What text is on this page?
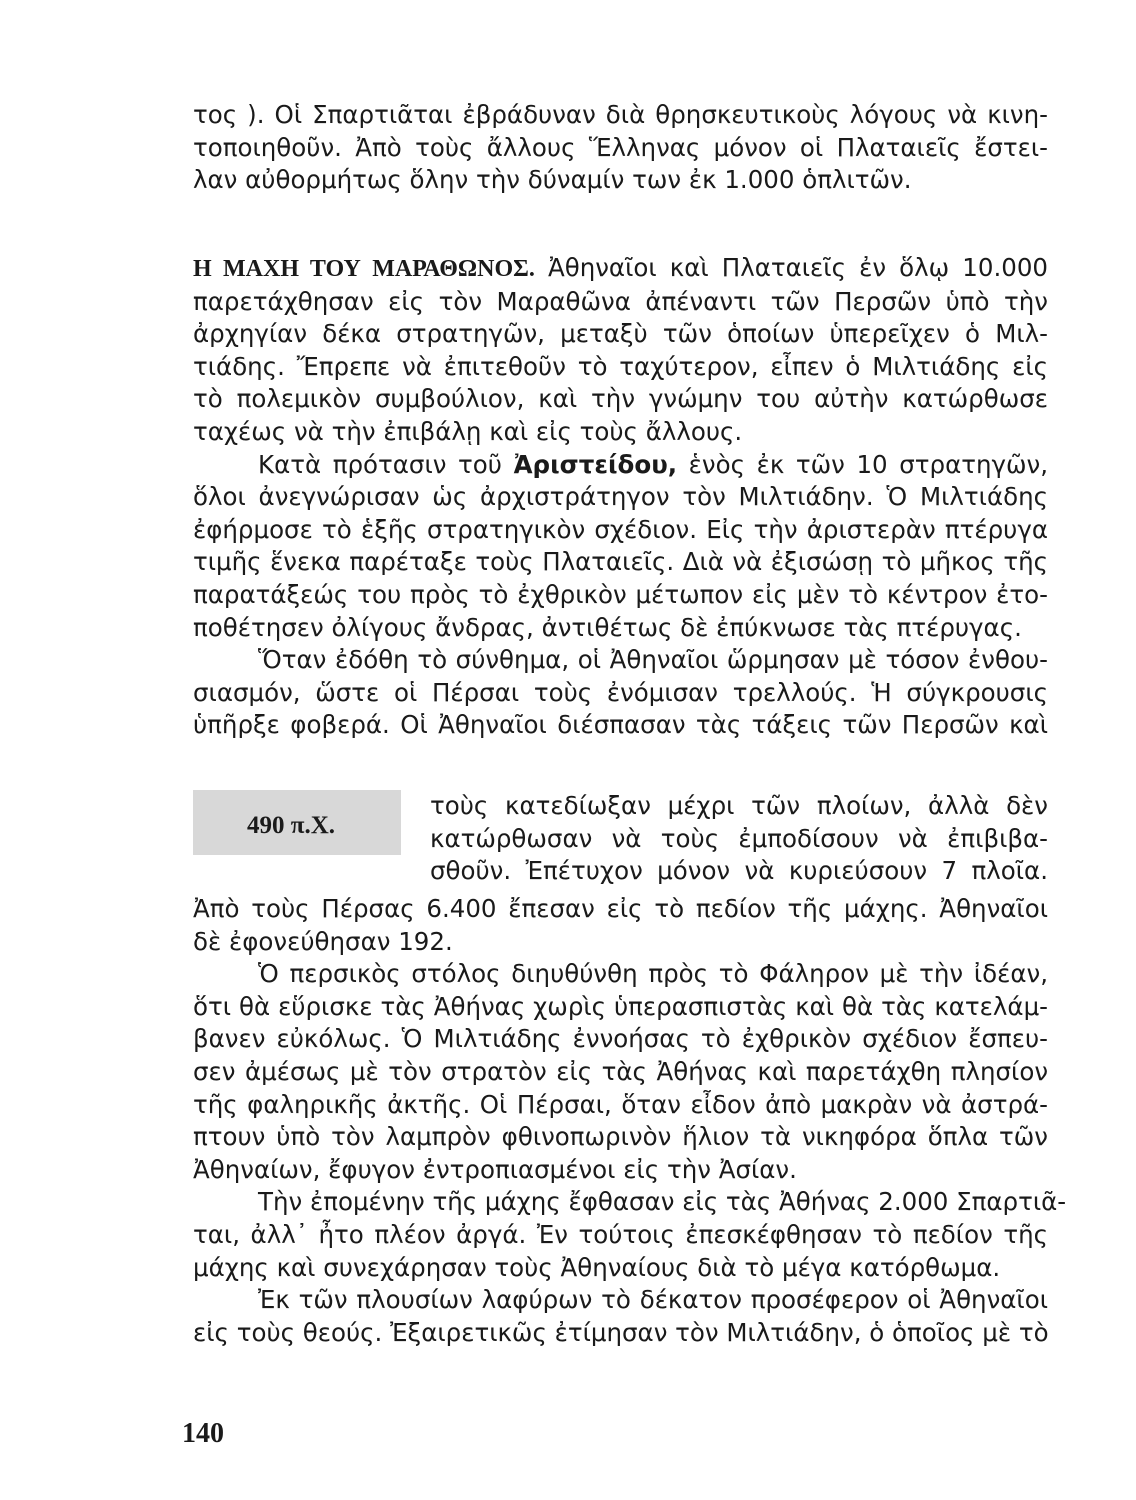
τος ). Οἱ Σπαρτιᾶται ἐβράδυναν διὰ θρησκευτικοὺς λόγους νὰ κινη-
τοποιηθοῦν. Ἀπὸ τοὺς ἄλλους Ἕλληνας μόνον οἱ Πλαταιεῖς ἔστει-
λαν αὐθορμήτως ὅλην τὴν δύναμίν των ἐκ 1.000 ὁπλιτῶν.
Η ΜΑΧΗ ΤΟΥ ΜΑΡΑΘΩΝΟΣ. Ἀθηναῖοι καὶ Πλαταιεῖς ἐν ὅλῳ 10.000
παρετάχθησαν εἰς τὸν Μαραθῶνα ἀπέναντι τῶν Περσῶν ὑπὸ τὴν
ἀρχηγίαν δέκα στρατηγῶν, μεταξὺ τῶν ὁποίων ὑπερεῖχεν ὁ Μιλ-
τιάδης. Ἔπρεπε νὰ ἐπιτεθοῦν τὸ ταχύτερον, εἶπεν ὁ Μιλτιάδης εἰς
τὸ πολεμικὸν συμβούλιον, καὶ τὴν γνώμην του αὐτὴν κατώρθωσε
ταχέως νὰ τὴν ἐπιβάλῃ καὶ εἰς τοὺς ἄλλους.
Κατὰ πρότασιν τοῦ Ἀριστείδου, ἑνὸς ἐκ τῶν 10 στρατηγῶν,
ὅλοι ἀνεγνώρισαν ὡς ἀρχιστράτηγον τὸν Μιλτιάδην. Ὁ Μιλτιάδης
ἐφήρμοσε τὸ ἑξῆς στρατηγικὸν σχέδιον. Εἰς τὴν ἀριστερὰν πτέρυγα
τιμῆς ἕνεκα παρέταξε τοὺς Πλαταιεῖς. Διὰ νὰ ἐξισώσῃ τὸ μῆκος τῆς
παρατάξεώς του πρὸς τὸ ἐχθρικὸν μέτωπον εἰς μὲν τὸ κέντρον ἐτο-
ποθέτησεν ὀλίγους ἄνδρας, ἀντιθέτως δὲ ἐπύκνωσε τὰς πτέρυγας.
Ὅταν ἐδόθη τὸ σύνθημα, οἱ Ἀθηναῖοι ὥρμησαν μὲ τόσον ἐνθου-
σιασμόν, ὥστε οἱ Πέρσαι τοὺς ἐνόμισαν τρελλούς. Ἡ σύγκρουσις
ὑπῆρξε φοβερά. Οἱ Ἀθηναῖοι διέσπασαν τὰς τάξεις τῶν Περσῶν καὶ
490 π.Χ.
τοὺς κατεδίωξαν μέχρι τῶν πλοίων, ἀλλὰ δὲν
κατώρθωσαν νὰ τοὺς ἐμποδίσουν νὰ ἐπιβιβα-
σθοῦν. Ἐπέτυχον μόνον νὰ κυριεύσουν 7 πλοῖα.
Ἀπὸ τοὺς Πέρσας 6.400 ἔπεσαν εἰς τὸ πεδίον τῆς μάχης. Ἀθηναῖοι
δὲ ἐφονεύθησαν 192.
Ὁ περσικὸς στόλος διηυθύνθη πρὸς τὸ Φάληρον μὲ τὴν ἰδέαν,
ὅτι θὰ εὕρισκε τὰς Ἀθήνας χωρὶς ὑπερασπιστὰς καὶ θὰ τὰς κατελάμ-
βανεν εὐκόλως. Ὁ Μιλτιάδης ἐννοήσας τὸ ἐχθρικὸν σχέδιον ἔσπευ-
σεν ἀμέσως μὲ τὸν στρατὸν εἰς τὰς Ἀθήνας καὶ παρετάχθη πλησίον
τῆς φαληρικῆς ἀκτῆς. Οἱ Πέρσαι, ὅταν εἶδον ἀπὸ μακρὰν νὰ ἀστρά-
πτουν ὑπὸ τὸν λαμπρὸν φθινοπωρινὸν ἥλιον τὰ νικηφόρα ὅπλα τῶν
Ἀθηναίων, ἔφυγον ἐντροπιασμένοι εἰς τὴν Ἀσίαν.
Τὴν ἐπομένην τῆς μάχης ἔφθασαν εἰς τὰς Ἀθήνας 2.000 Σπαρτιᾶ-
ται, ἀλλ᾿ ἦτο πλέον ἀργά. Ἐν τούτοις ἐπεσκέφθησαν τὸ πεδίον τῆς
μάχης καὶ συνεχάρησαν τοὺς Ἀθηναίους διὰ τὸ μέγα κατόρθωμα.
Ἐκ τῶν πλουσίων λαφύρων τὸ δέκατον προσέφερον οἱ Ἀθηναῖοι
εἰς τοὺς θεούς. Ἐξαιρετικῶς ἐτίμησαν τὸν Μιλτιάδην, ὁ ὁποῖος μὲ τὸ
140
